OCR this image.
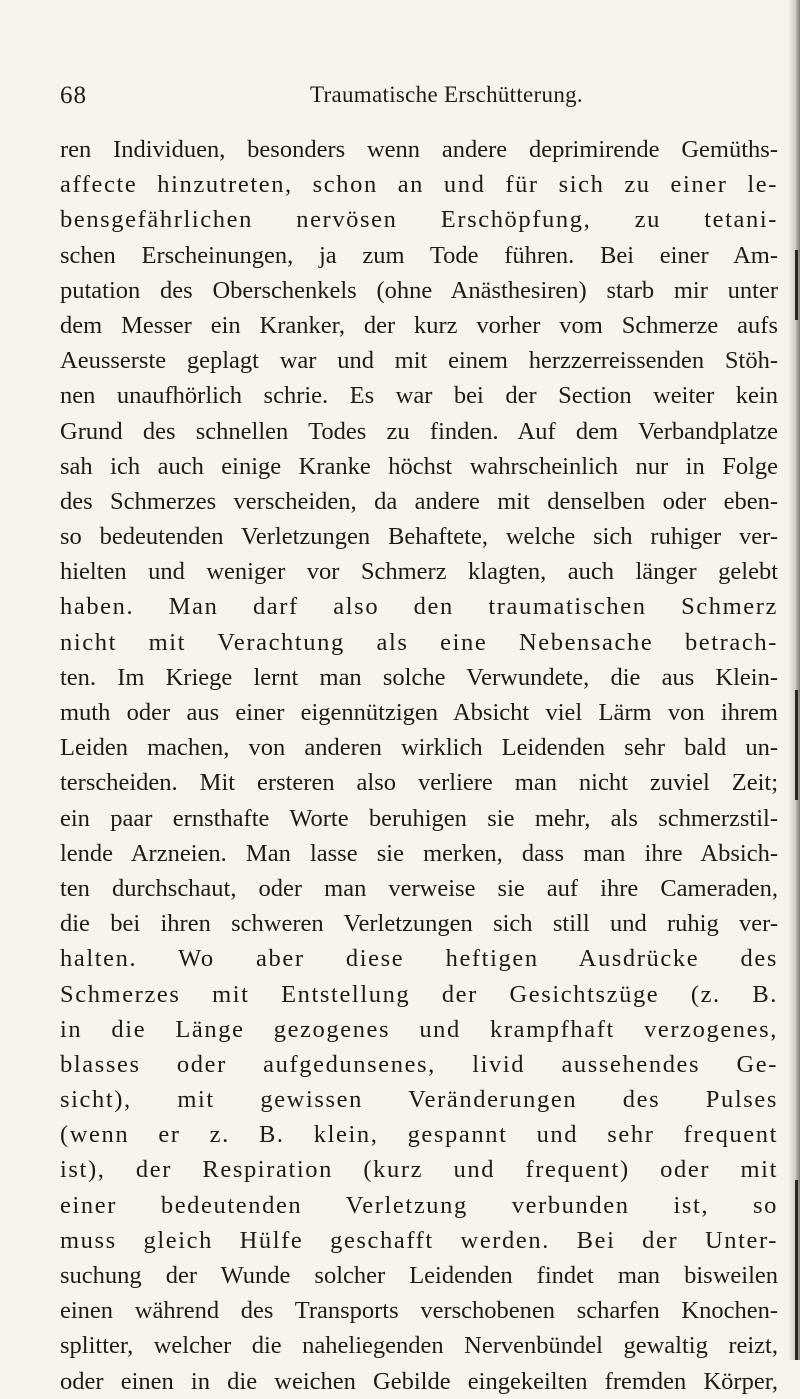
68	Traumatische Erschütterung.
ren Individuen, besonders wenn andere deprimirende Gemüths-
affecte hinzutreten, schon an und für sich zu einer le-
bensgefährlichen nervösen Erschöpfung, zu tetani-
schen Erscheinungen, ja zum Tode führen. Bei einer Am-
putation des Oberschenkels (ohne Anästhesiren) starb mir unter
dem Messer ein Kranker, der kurz vorher vom Schmerze aufs
Aeusserste geplagt war und mit einem herzzerreissenden Stöh-
nen unaufhörlich schrie. Es war bei der Section weiter kein
Grund des schnellen Todes zu finden. Auf dem Verbandplatze
sah ich auch einige Kranke höchst wahrscheinlich nur in Folge
des Schmerzes verscheiden, da andere mit denselben oder eben-
so bedeutenden Verletzungen Behaftete, welche sich ruhiger ver-
hielten und weniger vor Schmerz klagten, auch länger gelebt
haben. Man darf also den traumatischen Schmerz
nicht mit Verachtung als eine Nebensache betrach-
ten. Im Kriege lernt man solche Verwundete, die aus Klein-
muth oder aus einer eigennützigen Absicht viel Lärm von ihrem
Leiden machen, von anderen wirklich Leidenden sehr bald un-
terscheiden. Mit ersteren also verliere man nicht zuviel Zeit;
ein paar ernsthafte Worte beruhigen sie mehr, als schmerzstil-
lende Arzneien. Man lasse sie merken, dass man ihre Absich-
ten durchschaut, oder man verweise sie auf ihre Cameraden,
die bei ihren schweren Verletzungen sich still und ruhig ver-
halten. Wo aber diese heftigen Ausdrücke des
Schmerzes mit Entstellung der Gesichtszüge (z. B.
in die Länge gezogenes und krampfhaft verzogenes,
blasses oder aufgedunsenes, livid aussehendes Ge-
sicht), mit gewissen Veränderungen des Pulses
(wenn er z. B. klein, gespannt und sehr frequent
ist), der Respiration (kurz und frequent) oder mit
einer bedeutenden Verletzung verbunden ist, so
muss gleich Hülfe geschafft werden. Bei der Unter-
suchung der Wunde solcher Leidenden findet man bisweilen
einen während des Transports verschobenen scharfen Knochen-
splitter, welcher die naheliegenden Nervenbündel gewaltig reizt,
oder einen in die weichen Gebilde eingekeilten fremden Körper,
